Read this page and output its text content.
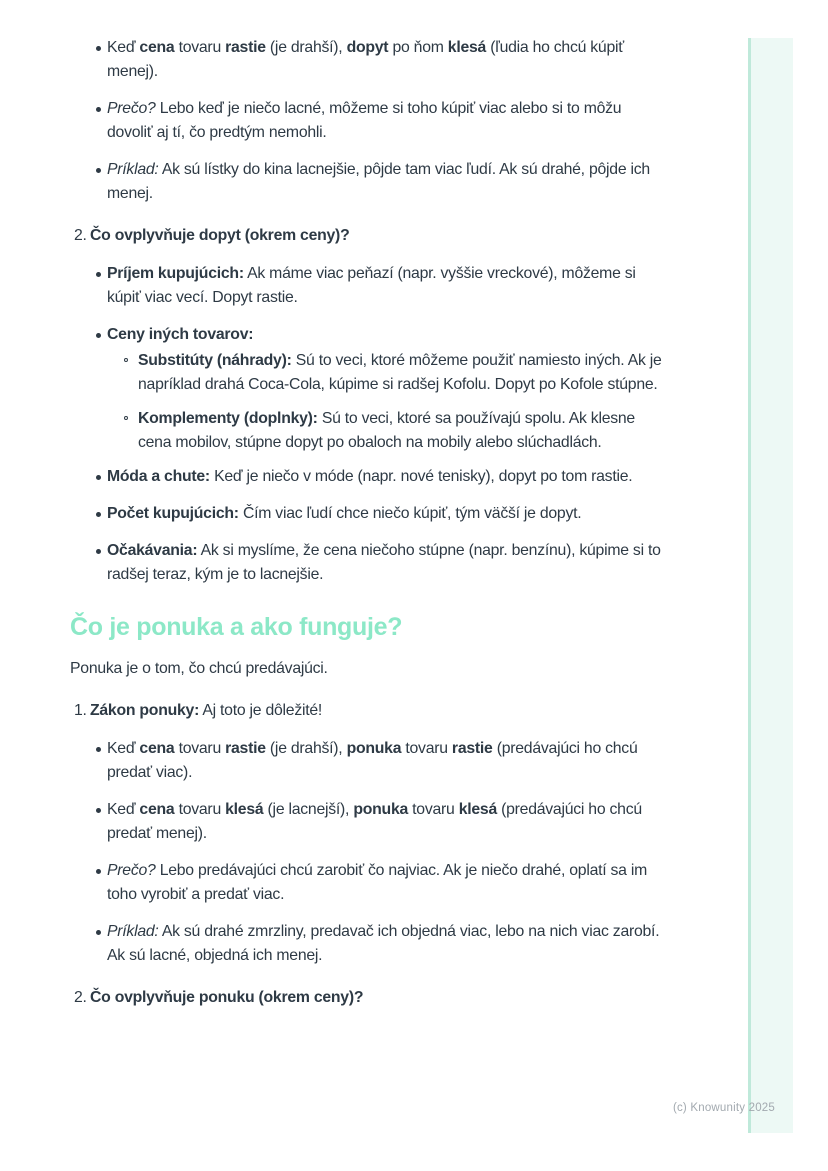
Keď cena tovaru rastie (je drahší), dopyt po ňom klesá (ľudia ho chcú kúpiť menej).
Prečo? Lebo keď je niečo lacné, môžeme si toho kúpiť viac alebo si to môžu dovoliť aj tí, čo predtým nemohli.
Príklad: Ak sú lístky do kina lacnejšie, pôjde tam viac ľudí. Ak sú drahé, pôjde ich menej.
2. Čo ovplyvňuje dopyt (okrem ceny)?
Príjem kupujúcich: Ak máme viac peňazí (napr. vyššie vreckové), môžeme si kúpiť viac vecí. Dopyt rastie.
Ceny iných tovarov:
Substitúty (náhrady): Sú to veci, ktoré môžeme použiť namiesto iných. Ak je napríklad drahá Coca-Cola, kúpime si radšej Kofolu. Dopyt po Kofole stúpne.
Komplementy (doplnky): Sú to veci, ktoré sa používajú spolu. Ak klesne cena mobilov, stúpne dopyt po obaloch na mobily alebo slúchadlách.
Móda a chute: Keď je niečo v móde (napr. nové tenisky), dopyt po tom rastie.
Počet kupujúcich: Čím viac ľudí chce niečo kúpiť, tým väčší je dopyt.
Očakávania: Ak si myslíme, že cena niečoho stúpne (napr. benzínu), kúpime si to radšej teraz, kým je to lacnejšie.
Čo je ponuka a ako funguje?

Ponuka je o tom, čo chcú predávajúci.

1. Zákon ponuky: Aj toto je dôležité!
Keď cena tovaru rastie (je drahší), ponuka tovaru rastie (predávajúci ho chcú predať viac).
Keď cena tovaru klesá (je lacnejší), ponuka tovaru klesá (predávajúci ho chcú predať menej).
Prečo? Lebo predávajúci chcú zarobiť čo najviac. Ak je niečo drahé, oplatí sa im toho vyrobiť a predať viac.
Príklad: Ak sú drahé zmrzliny, predavač ich objedná viac, lebo na nich viac zarobí. Ak sú lacné, objedná ich menej.
2. Čo ovplyvňuje ponuku (okrem ceny)?
(c) Knowunity 2025
